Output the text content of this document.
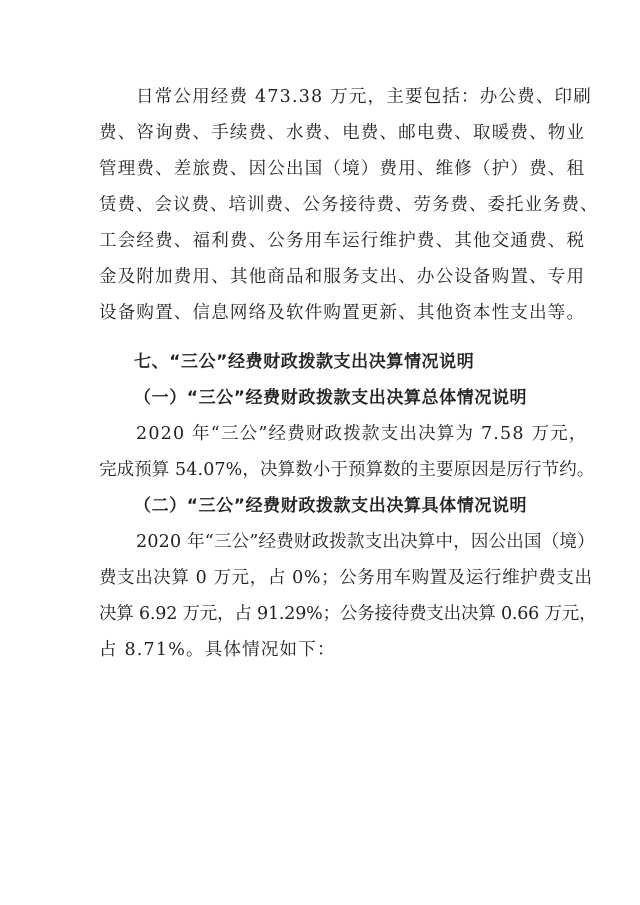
日常公用经费 473.38 万元，主要包括：办公费、印刷
费、咨询费、手续费、水费、电费、邮电费、取暖费、物业
管理费、差旅费、因公出国（境）费用、维修（护）费、租
赁费、会议费、培训费、公务接待费、劳务费、委托业务费、
工会经费、福利费、公务用车运行维护费、其他交通费、税
金及附加费用、其他商品和服务支出、办公设备购置、专用
设备购置、信息网络及软件购置更新、其他资本性支出等。
七、“三公”经费财政拨款支出决算情况说明
（一）“三公”经费财政拨款支出决算总体情况说明
2020 年“三公”经费财政拨款支出决算为 7.58 万元，
完成预算 54.07%，决算数小于预算数的主要原因是厉行节约。
（二）“三公”经费财政拨款支出决算具体情况说明
2020 年“三公”经费财政拨款支出决算中，因公出国（境）
费支出决算 0 万元，占 0%；公务用车购置及运行维护费支出
决算 6.92 万元，占 91.29%；公务接待费支出决算 0.66 万元，
占 8.71%。具体情况如下：
